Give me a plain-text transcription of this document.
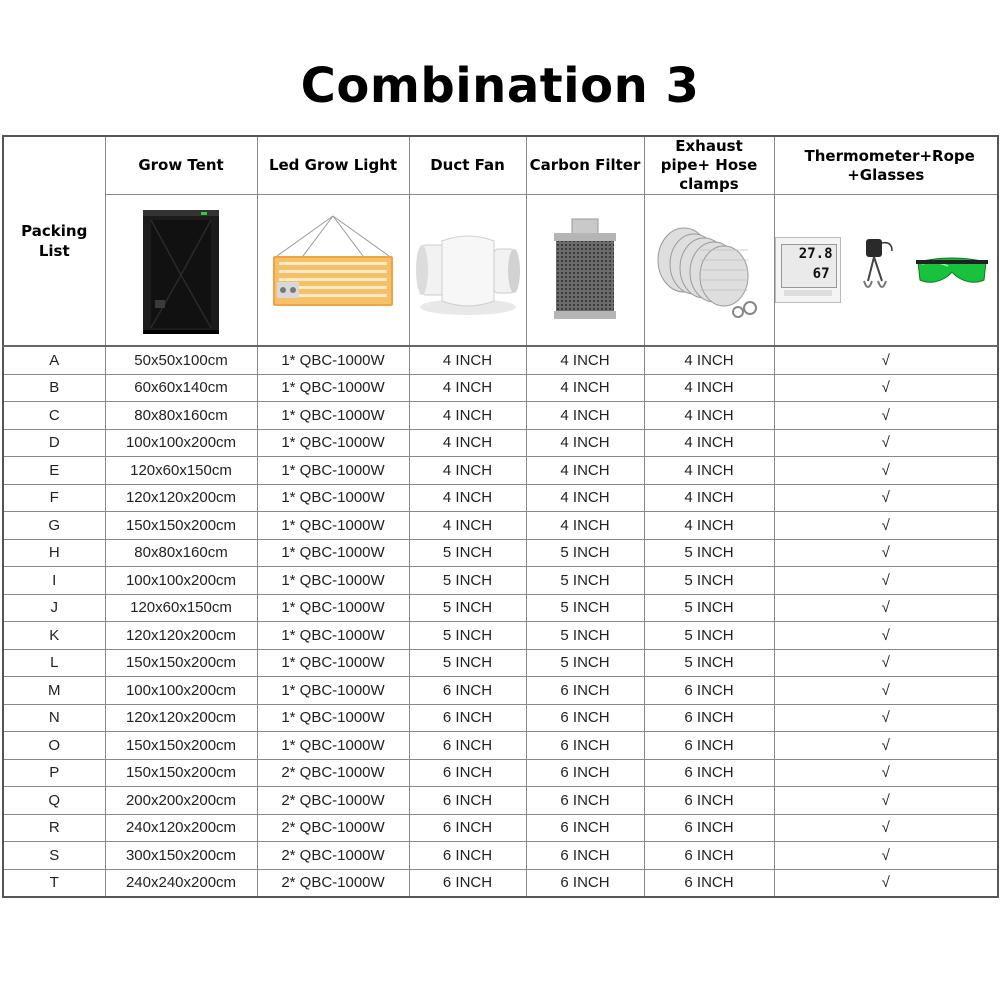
Combination 3
Packing List	Grow Tent	Led Grow Light	Duct Fan	Carbon Filter	Exhaust pipe+ Hose clamps	Thermometer+Rope +Glasses

27.8
67

A	50x50x100cm	1* QBC-1000W	4 INCH	4 INCH	4 INCH	√
B	60x60x140cm	1* QBC-1000W	4 INCH	4 INCH	4 INCH	√
C	80x80x160cm	1* QBC-1000W	4 INCH	4 INCH	4 INCH	√
D	100x100x200cm	1* QBC-1000W	4 INCH	4 INCH	4 INCH	√
E	120x60x150cm	1* QBC-1000W	4 INCH	4 INCH	4 INCH	√
F	120x120x200cm	1* QBC-1000W	4 INCH	4 INCH	4 INCH	√
G	150x150x200cm	1* QBC-1000W	4 INCH	4 INCH	4 INCH	√
H	80x80x160cm	1* QBC-1000W	5 INCH	5 INCH	5 INCH	√
I	100x100x200cm	1* QBC-1000W	5 INCH	5 INCH	5 INCH	√
J	120x60x150cm	1* QBC-1000W	5 INCH	5 INCH	5 INCH	√
K	120x120x200cm	1* QBC-1000W	5 INCH	5 INCH	5 INCH	√
L	150x150x200cm	1* QBC-1000W	5 INCH	5 INCH	5 INCH	√
M	100x100x200cm	1* QBC-1000W	6 INCH	6 INCH	6 INCH	√
N	120x120x200cm	1* QBC-1000W	6 INCH	6 INCH	6 INCH	√
O	150x150x200cm	1* QBC-1000W	6 INCH	6 INCH	6 INCH	√
P	150x150x200cm	2* QBC-1000W	6 INCH	6 INCH	6 INCH	√
Q	200x200x200cm	2* QBC-1000W	6 INCH	6 INCH	6 INCH	√
R	240x120x200cm	2* QBC-1000W	6 INCH	6 INCH	6 INCH	√
S	300x150x200cm	2* QBC-1000W	6 INCH	6 INCH	6 INCH	√
T	240x240x200cm	2* QBC-1000W	6 INCH	6 INCH	6 INCH	√
